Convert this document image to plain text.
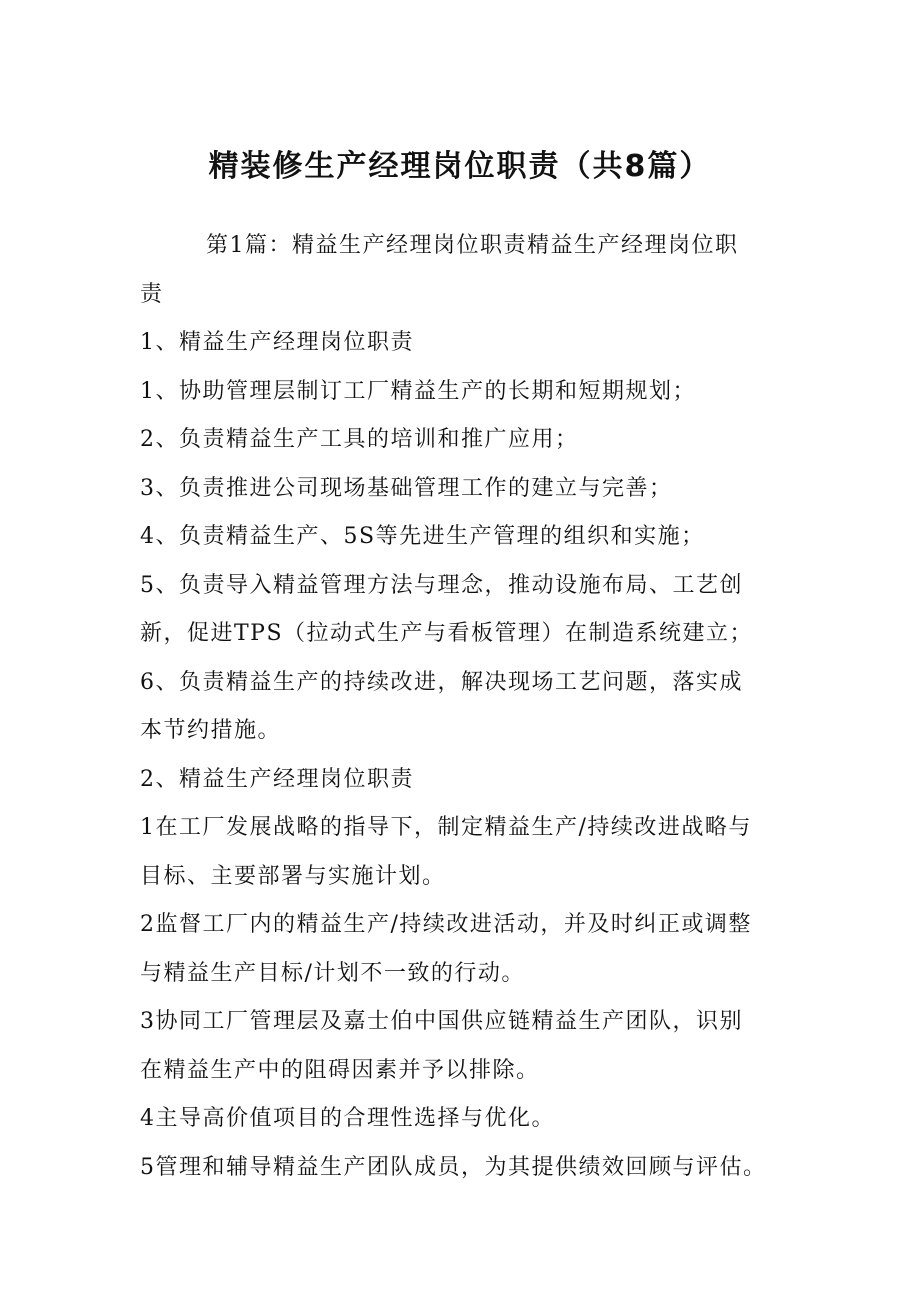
精装修生产经理岗位职责（共8篇）

第1篇：精益生产经理岗位职责精益生产经理岗位职

责

1、精益生产经理岗位职责

1、协助管理层制订工厂精益生产的长期和短期规划；

2、负责精益生产工具的培训和推广应用；

3、负责推进公司现场基础管理工作的建立与完善；

4、负责精益生产、5S等先进生产管理的组织和实施；

5、负责导入精益管理方法与理念，推动设施布局、工艺创

新，促进TPS（拉动式生产与看板管理）在制造系统建立；

6、负责精益生产的持续改进，解决现场工艺问题，落实成

本节约措施。

2、精益生产经理岗位职责

1在工厂发展战略的指导下，制定精益生产/持续改进战略与

目标、主要部署与实施计划。

2监督工厂内的精益生产/持续改进活动，并及时纠正或调整

与精益生产目标/计划不一致的行动。

3协同工厂管理层及嘉士伯中国供应链精益生产团队，识别

在精益生产中的阻碍因素并予以排除。

4主导高价值项目的合理性选择与优化。

5管理和辅导精益生产团队成员，为其提供绩效回顾与评估。
